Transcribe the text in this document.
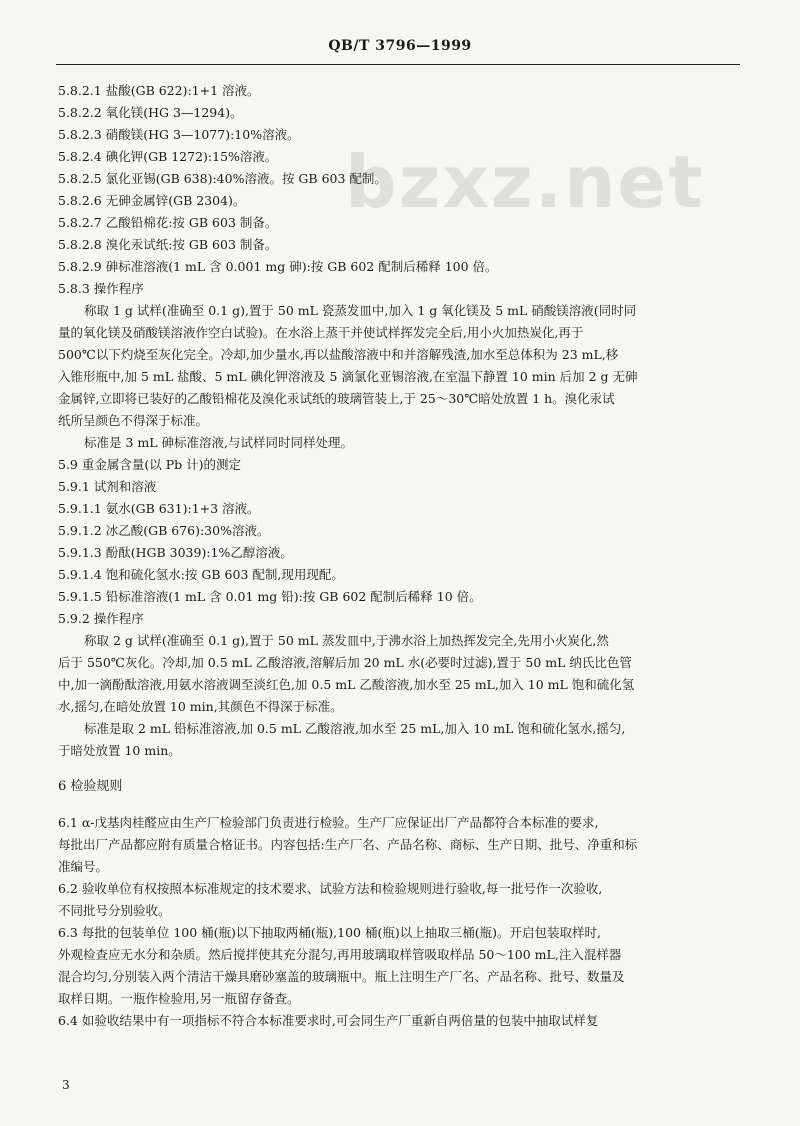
QB/T 3796—1999
bzxz.net
5.8.2.1 盐酸(GB 622):1+1 溶液。
5.8.2.2 氧化镁(HG 3—1294)。
5.8.2.3 硝酸镁(HG 3—1077):10%溶液。
5.8.2.4 碘化钾(GB 1272):15%溶液。
5.8.2.5 氯化亚锡(GB 638):40%溶液。按 GB 603 配制。
5.8.2.6 无砷金属锌(GB 2304)。
5.8.2.7 乙酸铅棉花:按 GB 603 制备。
5.8.2.8 溴化汞试纸:按 GB 603 制备。
5.8.2.9 砷标准溶液(1 mL 含 0.001 mg 砷):按 GB 602 配制后稀释 100 倍。
5.8.3 操作程序
称取 1 g 试样(准确至 0.1 g),置于 50 mL 瓷蒸发皿中,加入 1 g 氧化镁及 5 mL 硝酸镁溶液(同时同
量的氧化镁及硝酸镁溶液作空白试验)。在水浴上蒸干并使试样挥发完全后,用小火加热炭化,再于
500℃以下灼烧至灰化完全。冷却,加少量水,再以盐酸溶液中和并溶解残渣,加水至总体积为 23 mL,移
入锥形瓶中,加 5 mL 盐酸、5 mL 碘化钾溶液及 5 滴氯化亚锡溶液,在室温下静置 10 min 后加 2 g 无砷
金属锌,立即将已装好的乙酸铅棉花及溴化汞试纸的玻璃管装上,于 25～30℃暗处放置 1 h。溴化汞试
纸所呈颜色不得深于标准。
标准是 3 mL 砷标准溶液,与试样同时同样处理。
5.9 重金属含量(以 Pb 计)的测定
5.9.1 试剂和溶液
5.9.1.1 氨水(GB 631):1+3 溶液。
5.9.1.2 冰乙酸(GB 676):30%溶液。
5.9.1.3 酚酞(HGB 3039):1%乙醇溶液。
5.9.1.4 饱和硫化氢水:按 GB 603 配制,现用现配。
5.9.1.5 铅标准溶液(1 mL 含 0.01 mg 铅):按 GB 602 配制后稀释 10 倍。
5.9.2 操作程序
称取 2 g 试样(准确至 0.1 g),置于 50 mL 蒸发皿中,于沸水浴上加热挥发完全,先用小火炭化,然
后于 550℃灰化。冷却,加 0.5 mL 乙酸溶液,溶解后加 20 mL 水(必要时过滤),置于 50 mL 纳氏比色管
中,加一滴酚酞溶液,用氨水溶液调至淡红色,加 0.5 mL 乙酸溶液,加水至 25 mL,加入 10 mL 饱和硫化氢
水,摇匀,在暗处放置 10 min,其颜色不得深于标准。
标准是取 2 mL 铅标准溶液,加 0.5 mL 乙酸溶液,加水至 25 mL,加入 10 mL 饱和硫化氢水,摇匀,
于暗处放置 10 min。
6 检验规则
6.1 α-戊基肉桂醛应由生产厂检验部门负责进行检验。生产厂应保证出厂产品都符合本标准的要求,
每批出厂产品都应附有质量合格证书。内容包括:生产厂名、产品名称、商标、生产日期、批号、净重和标
准编号。
6.2 验收单位有权按照本标准规定的技术要求、试验方法和检验规则进行验收,每一批号作一次验收,
不同批号分别验收。
6.3 每批的包装单位 100 桶(瓶)以下抽取两桶(瓶),100 桶(瓶)以上抽取三桶(瓶)。开启包装取样时,
外观检查应无水分和杂质。然后搅拌使其充分混匀,再用玻璃取样管吸取样品 50～100 mL,注入混样器
混合均匀,分别装入两个清洁干燥具磨砂塞盖的玻璃瓶中。瓶上注明生产厂名、产品名称、批号、数量及
取样日期。一瓶作检验用,另一瓶留存备查。
6.4 如验收结果中有一项指标不符合本标准要求时,可会同生产厂重新自两倍量的包装中抽取试样复
3
